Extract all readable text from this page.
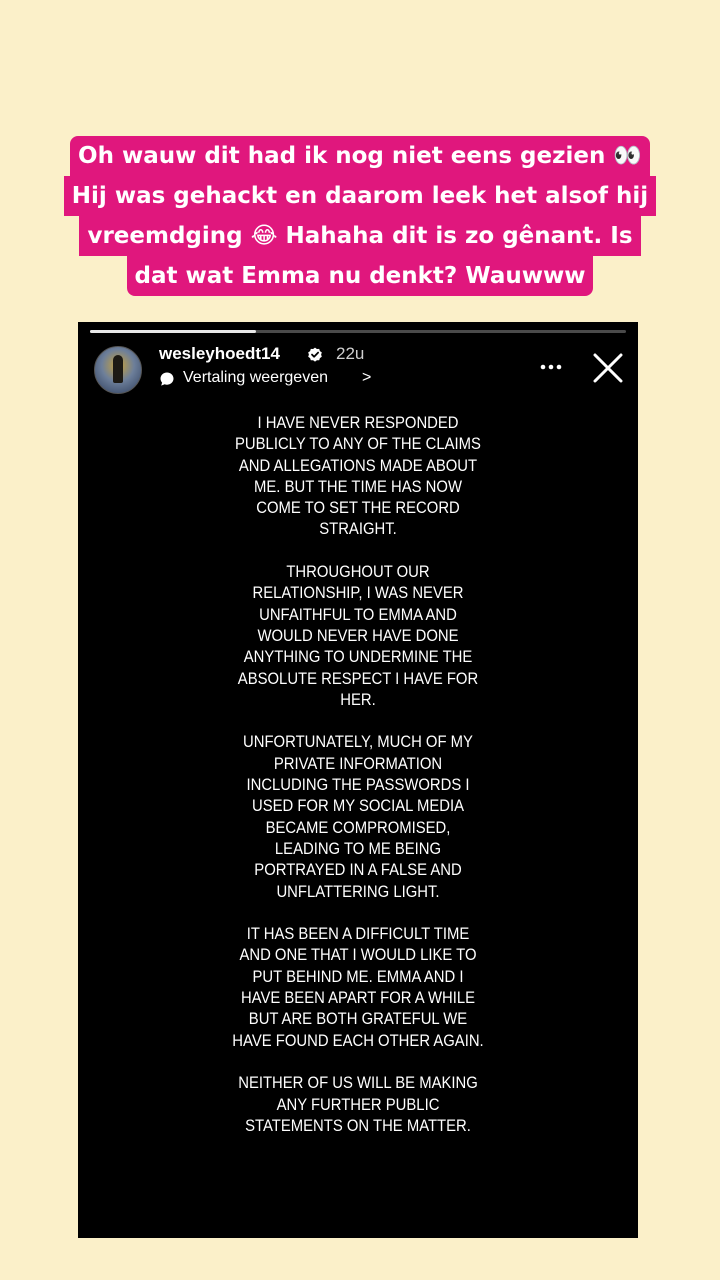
Oh wauw dit had ik nog niet eens gezien 👀
Hij was gehackt en daarom leek het alsof hij
vreemdging 😂 Hahaha dit is zo gênant. Is
dat wat Emma nu denkt? Wauwww
wesleyhoedt14	22u
Vertaling weergeven >

I HAVE NEVER RESPONDED PUBLICLY TO ANY OF THE CLAIMS AND ALLEGATIONS MADE ABOUT ME. BUT THE TIME HAS NOW COME TO SET THE RECORD STRAIGHT.

THROUGHOUT OUR RELATIONSHIP, I WAS NEVER UNFAITHFUL TO EMMA AND WOULD NEVER HAVE DONE ANYTHING TO UNDERMINE THE ABSOLUTE RESPECT I HAVE FOR HER.

UNFORTUNATELY, MUCH OF MY PRIVATE INFORMATION INCLUDING THE PASSWORDS I USED FOR MY SOCIAL MEDIA BECAME COMPROMISED, LEADING TO ME BEING PORTRAYED IN A FALSE AND UNFLATTERING LIGHT.

IT HAS BEEN A DIFFICULT TIME AND ONE THAT I WOULD LIKE TO PUT BEHIND ME. EMMA AND I HAVE BEEN APART FOR A WHILE BUT ARE BOTH GRATEFUL WE HAVE FOUND EACH OTHER AGAIN.

NEITHER OF US WILL BE MAKING ANY FURTHER PUBLIC STATEMENTS ON THE MATTER.
